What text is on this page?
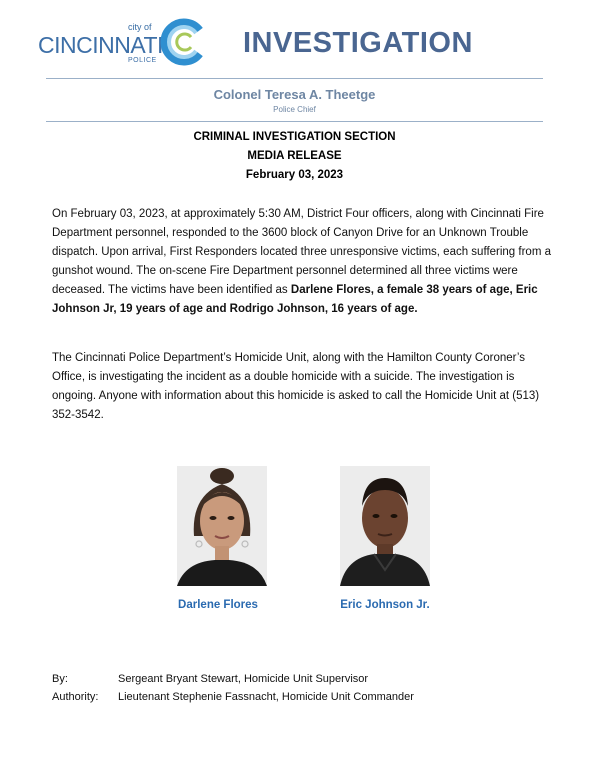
city of
CINCINNATI
POLICE
INVESTIGATION
Colonel Teresa A. Theetge
Police Chief
CRIMINAL INVESTIGATION SECTION
MEDIA RELEASE
February 03, 2023
On February 03, 2023, at approximately 5:30 AM, District Four officers, along with Cincinnati Fire Department personnel, responded to the 3600 block of Canyon Drive for an Unknown Trouble dispatch. Upon arrival, First Responders located three unresponsive victims, each suffering from a gunshot wound. The on-scene Fire Department personnel determined all three victims were deceased. The victims have been identified as Darlene Flores, a female 38 years of age, Eric Johnson Jr, 19 years of age and Rodrigo Johnson, 16 years of age.
The Cincinnati Police Department’s Homicide Unit, along with the Hamilton County Coroner’s Office, is investigating the incident as a double homicide with a suicide. The investigation is ongoing. Anyone with information about this homicide is asked to call the Homicide Unit at (513) 352-3542.
Darlene Flores	Eric Johnson Jr.
By:	Sergeant Bryant Stewart, Homicide Unit Supervisor
Authority: Lieutenant Stephenie Fassnacht, Homicide Unit Commander
